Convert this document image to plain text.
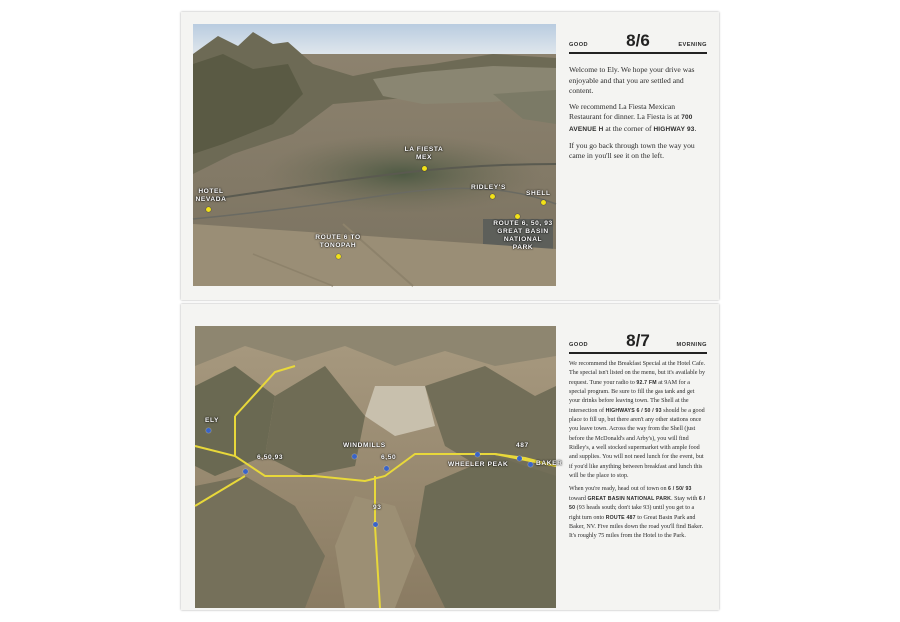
LA FIESTA MEX
HOTEL NEVADA
RIDLEY'S
SHELL
ROUTE 6 TO TONOPAH
ROUTE 6, 50, 93 GREAT BASIN NATIONAL PARK
GOOD	8/6	EVENING

Welcome to Ely. We hope your drive was enjoyable and that you are settled and content.

We recommend La Fiesta Mexican Restaurant for dinner. La Fiesta is at 700 AVENUE H at the corner of HIGHWAY 93.

If you go back through town the way you came in you'll see it on the left.

ELY
6,50,93
WINDMILLS
6,50
93
WHEELER PEAK
487
BAKER
GOOD	8/7	MORNING

We recommend the Breakfast Special at the Hotel Cafe. The special isn't listed on the menu, but it's available by request. Tune your radio to 92.7 FM at 9AM for a special program. Be sure to fill the gas tank and get your drinks before leaving town. The Shell at the intersection of HIGHWAYS 6 / 50 / 93 should be a good place to fill up, but there aren't any other stations once you leave town. Across the way from the Shell (just before the McDonald's and Arby's), you will find Ridley's, a well stocked supermarket with ample food and supplies. You will not need lunch for the event, but if you'd like anything between breakfast and lunch this will be the place to stop.

When you're ready, head out of town on 6 / 50/ 93 toward GREAT BASIN NATIONAL PARK. Stay with 6 / 50 (93 heads south; don't take 93) until you get to a right turn onto ROUTE 487 to Great Basin Park and Baker, NV. Five miles down the road you'll find Baker. It's roughly 75 miles from the Hotel to the Park.
